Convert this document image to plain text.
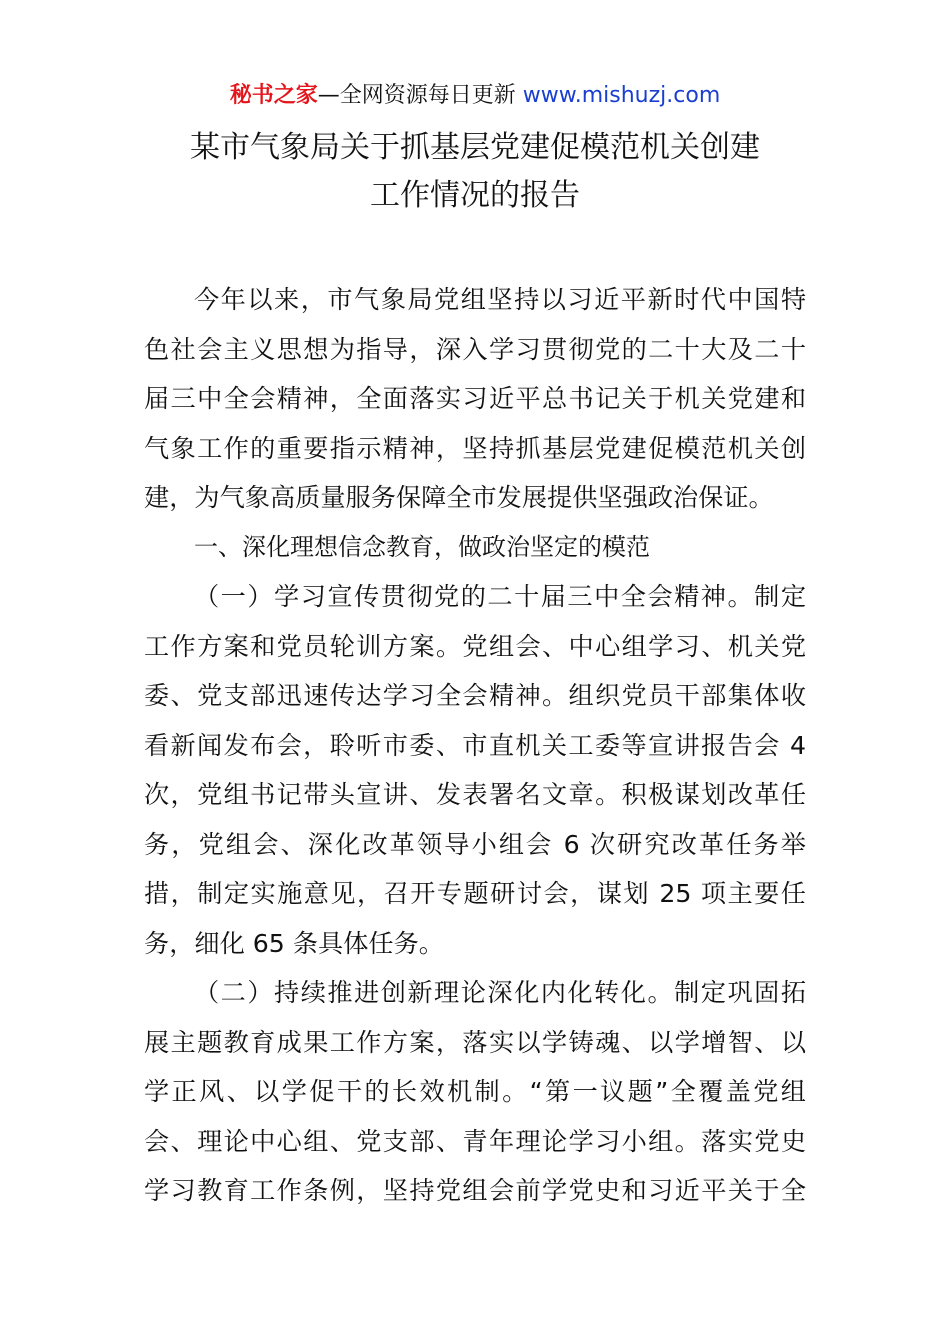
秘书之家—全网资源每日更新 www.mishuzj.com
某市气象局关于抓基层党建促模范机关创建
工作情况的报告
今年以来，市气象局党组坚持以习近平新时代中国特
色社会主义思想为指导，深入学习贯彻党的二十大及二十
届三中全会精神，全面落实习近平总书记关于机关党建和
气象工作的重要指示精神，坚持抓基层党建促模范机关创
建，为气象高质量服务保障全市发展提供坚强政治保证。
一、深化理想信念教育，做政治坚定的模范
（一）学习宣传贯彻党的二十届三中全会精神。制定
工作方案和党员轮训方案。党组会、中心组学习、机关党
委、党支部迅速传达学习全会精神。组织党员干部集体收
看新闻发布会，聆听市委、市直机关工委等宣讲报告会 4
次，党组书记带头宣讲、发表署名文章。积极谋划改革任
务，党组会、深化改革领导小组会 6 次研究改革任务举
措，制定实施意见，召开专题研讨会，谋划 25 项主要任
务，细化 65 条具体任务。
（二）持续推进创新理论深化内化转化。制定巩固拓
展主题教育成果工作方案，落实以学铸魂、以学增智、以
学正风、以学促干的长效机制。“第一议题”全覆盖党组
会、理论中心组、党支部、青年理论学习小组。落实党史
学习教育工作条例，坚持党组会前学党史和习近平关于全
